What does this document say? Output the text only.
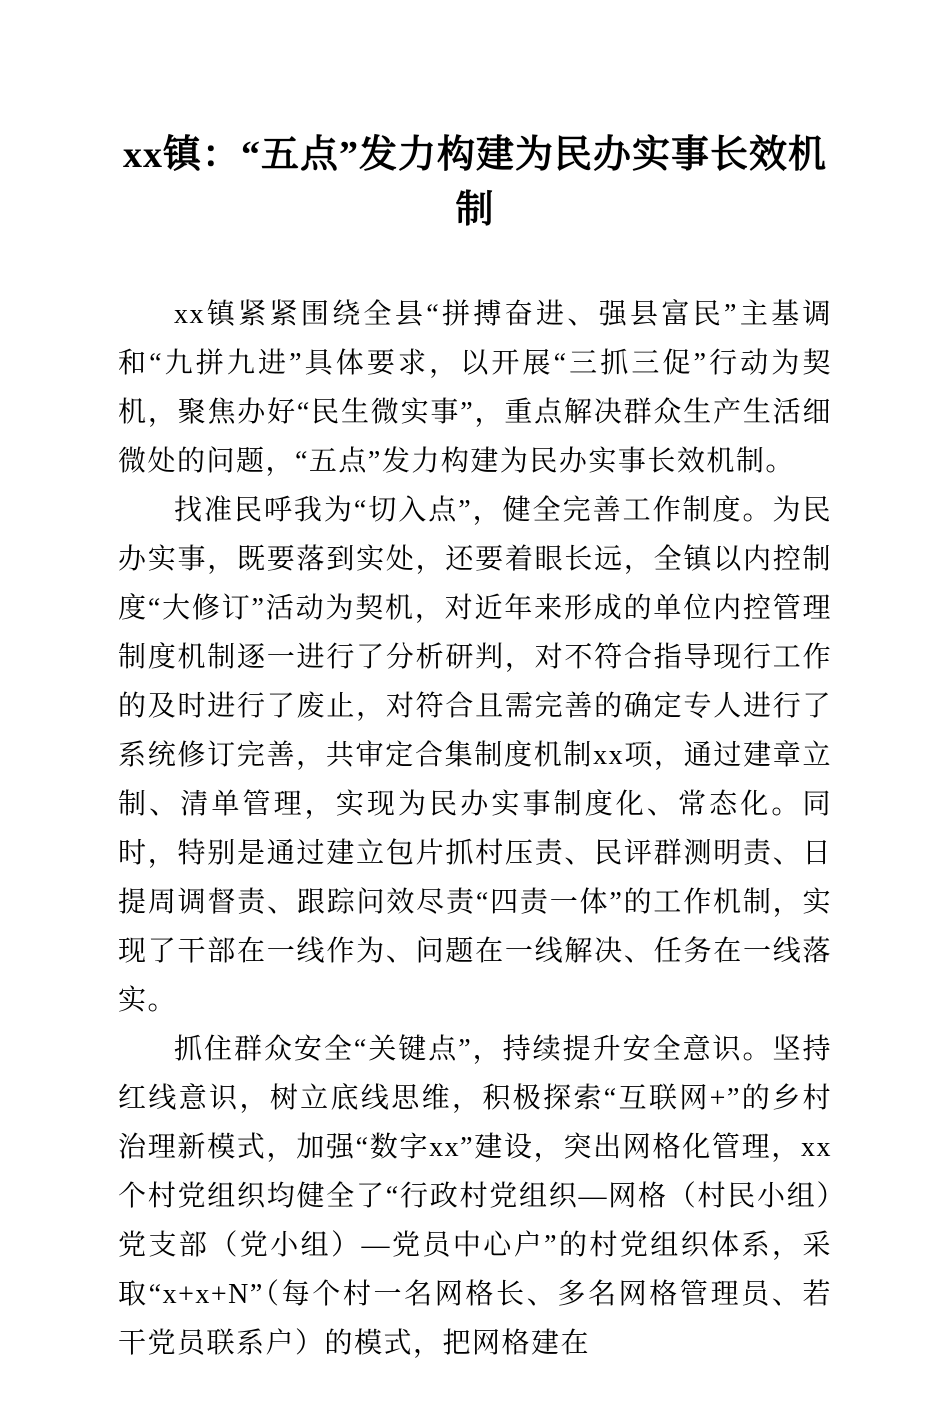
xx镇：“五点”发力构建为民办实事长效机制

xx镇紧紧围绕全县“拼搏奋进、强县富民”主基调和“九拼九进”具体要求，以开展“三抓三促”行动为契机，聚焦办好“民生微实事”，重点解决群众生产生活细微处的问题，“五点”发力构建为民办实事长效机制。

找准民呼我为“切入点”，健全完善工作制度。为民办实事，既要落到实处，还要着眼长远，全镇以内控制度“大修订”活动为契机，对近年来形成的单位内控管理制度机制逐一进行了分析研判，对不符合指导现行工作的及时进行了废止，对符合且需完善的确定专人进行了系统修订完善，共审定合集制度机制xx项，通过建章立制、清单管理，实现为民办实事制度化、常态化。同时，特别是通过建立包片抓村压责、民评群测明责、日提周调督责、跟踪问效尽责“四责一体”的工作机制，实现了干部在一线作为、问题在一线解决、任务在一线落实。

抓住群众安全“关键点”，持续提升安全意识。坚持红线意识，树立底线思维，积极探索“互联网+”的乡村治理新模式，加强“数字xx”建设，突出网格化管理，xx个村党组织均健全了“行政村党组织—网格（村民小组）党支部（党小组）—党员中心户”的村党组织体系，采取“x+x+N”（每个村一名网格长、多名网格管理员、若干党员联系户）的模式，把网格建在
